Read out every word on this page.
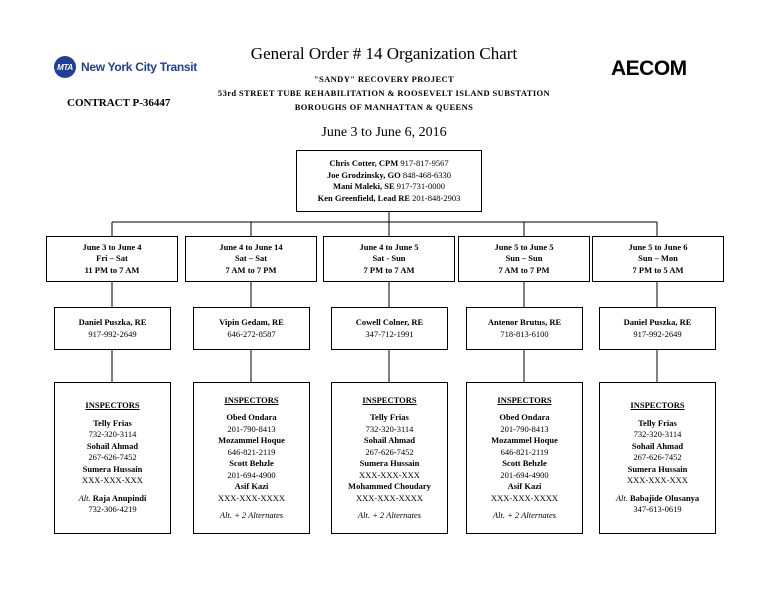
MTA New York City Transit
General Order # 14 Organization Chart
"SANDY" RECOVERY PROJECT
53rd STREET TUBE REHABILITATION & ROOSEVELT ISLAND SUBSTATION
BOROUGHS OF MANHATTAN & QUEENS
CONTRACT P-36447
AECOM
June 3 to June 6, 2016
Chris Cotter, CPM 917-817-9567
Joe Grodzinsky, GO 848-468-6330
Mani Maleki, SE 917-731-0000
Ken Greenfield, Lead RE 201-848-2903
June 3 to June 4
Fri – Sat
11 PM to 7 AM
Daniel Puszka, RE
917-992-2649
INSPECTORS
Telly Frias
732-320-3114
Sohail Ahmad
267-626-7452
Sumera Hussain
XXX-XXX-XXX
Alt. Raja Anupindi
732-306-4219
June 4 to June 14
Sat – Sat
7 AM to 7 PM
Vipin Gedam, RE
646-272-8587
INSPECTORS
Obed Ondara
201-790-8413
Mozammel Hoque
646-821-2119
Scott Behzle
201-694-4900
Asif Kazi
XXX-XXX-XXXX
Alt. + 2 Alternates
June 4 to June 5
Sat - Sun
7 PM to 7 AM
Cowell Colner, RE
347-712-1991
INSPECTORS
Telly Frias
732-320-3114
Sohail Ahmad
267-626-7452
Sumera Hussain
XXX-XXX-XXX
Mohammed Choudary
XXX-XXX-XXXX
Alt. + 2 Alternates
June 5 to June 5
Sun – Sun
7 AM to 7 PM
Antenor Brutus, RE
718-813-6100
INSPECTORS
Obed Ondara
201-790-8413
Mozammel Hoque
646-821-2119
Scott Behzle
201-694-4900
Asif Kazi
XXX-XXX-XXXX
Alt. + 2 Alternates
June 5 to June 6
Sun – Mon
7 PM to 5 AM
Daniel Puszka, RE
917-992-2649
INSPECTORS
Telly Frias
732-320-3114
Sohail Ahmad
267-626-7452
Sumera Hussain
XXX-XXX-XXX
Alt. Babajide Olusanya
347-613-0619
